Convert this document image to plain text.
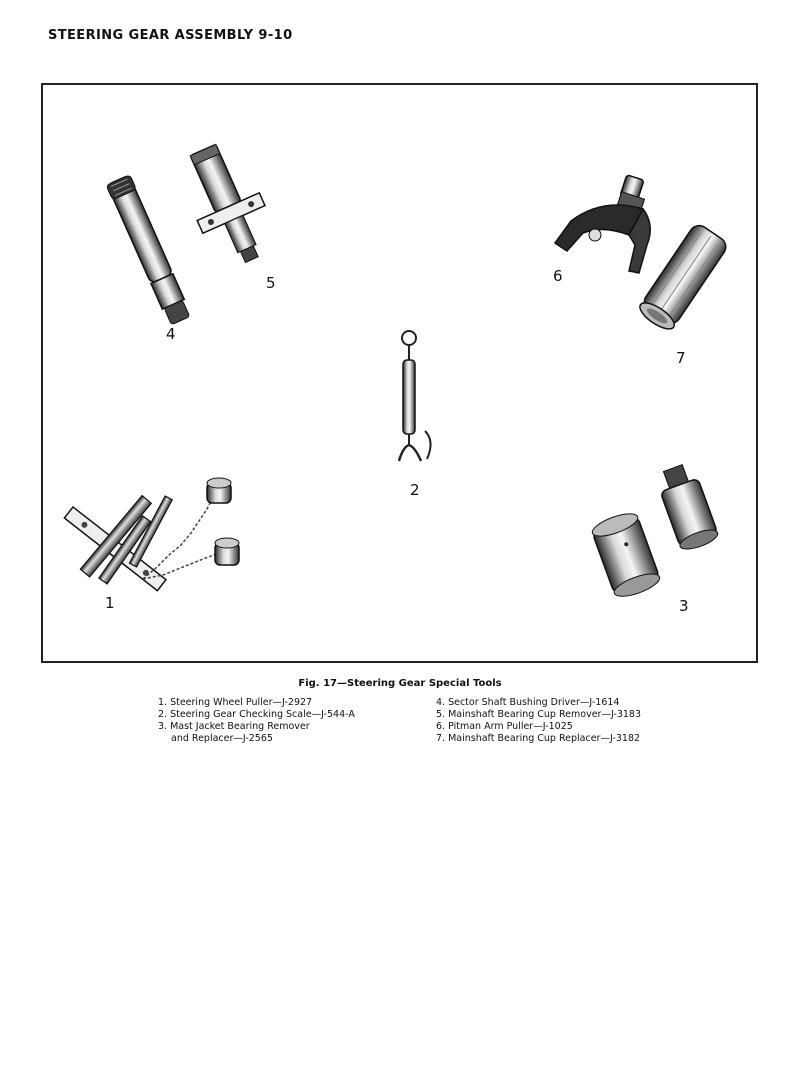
STEERING GEAR ASSEMBLY 9-10
5
4
6
7
2
1	3
Fig. 17—Steering Gear Special Tools
1. Steering Wheel Puller—J-2927
2. Steering Gear Checking Scale—J-544-A
3. Mast Jacket Bearing Remover
and Replacer—J-2565
4. Sector Shaft Bushing Driver—J-1614
5. Mainshaft Bearing Cup Remover—J-3183
6. Pitman Arm Puller—J-1025
7. Mainshaft Bearing Cup Replacer—J-3182
